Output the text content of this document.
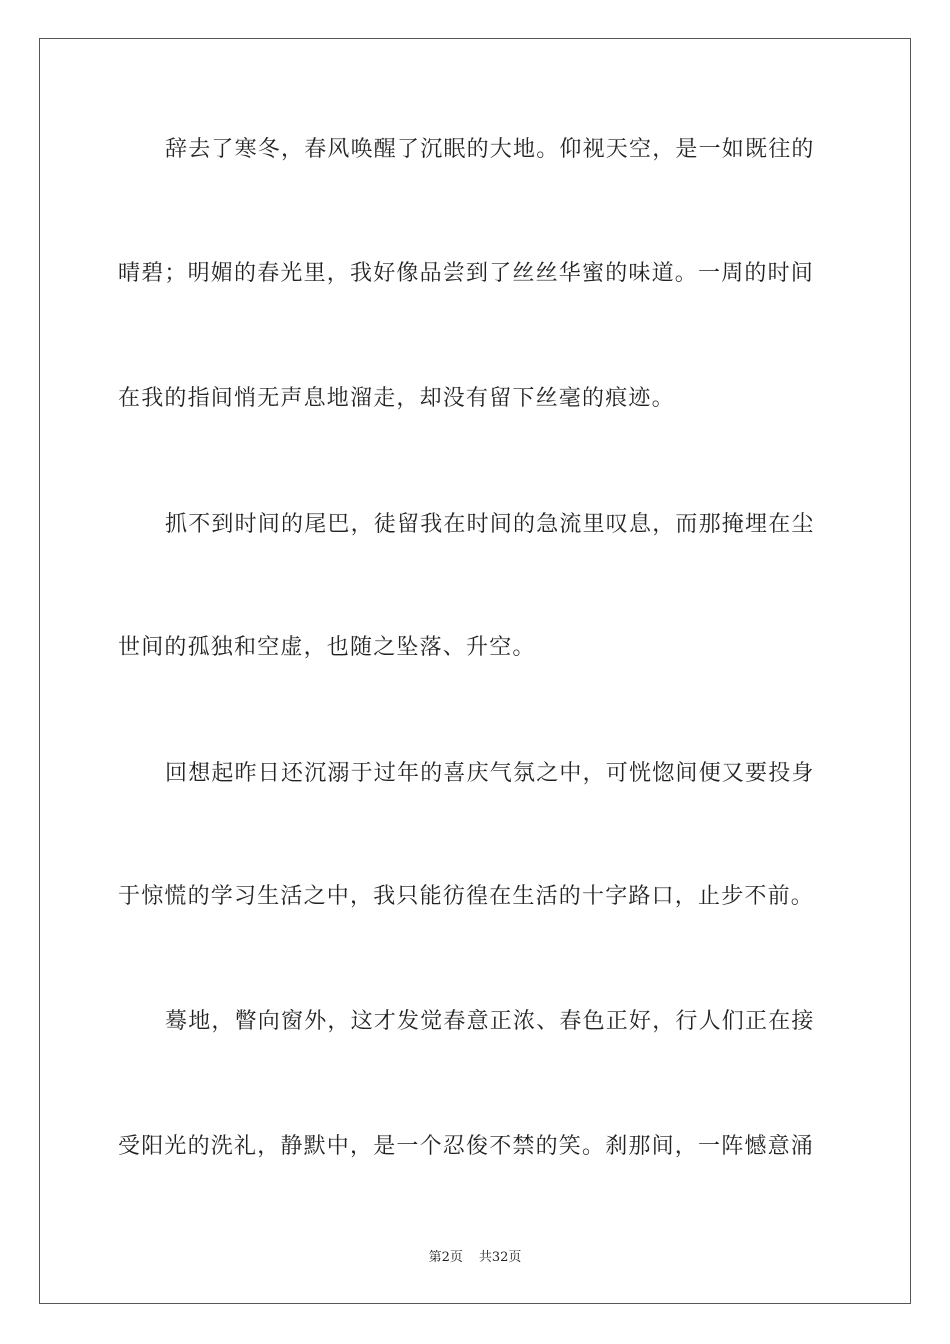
辞去了寒冬，春风唤醒了沉眠的大地。仰视天空，是一如既往的
晴碧；明媚的春光里，我好像品尝到了丝丝华蜜的味道。一周的时间
在我的指间悄无声息地溜走，却没有留下丝毫的痕迹。
抓不到时间的尾巴，徒留我在时间的急流里叹息，而那掩埋在尘
世间的孤独和空虚，也随之坠落、升空。
回想起昨日还沉溺于过年的喜庆气氛之中，可恍惚间便又要投身
于惊慌的学习生活之中，我只能彷徨在生活的十字路口，止步不前。
蓦地，瞥向窗外，这才发觉春意正浓、春色正好，行人们正在接
受阳光的洗礼，静默中，是一个忍俊不禁的笑。刹那间，一阵憾意涌
第2页 共32页
